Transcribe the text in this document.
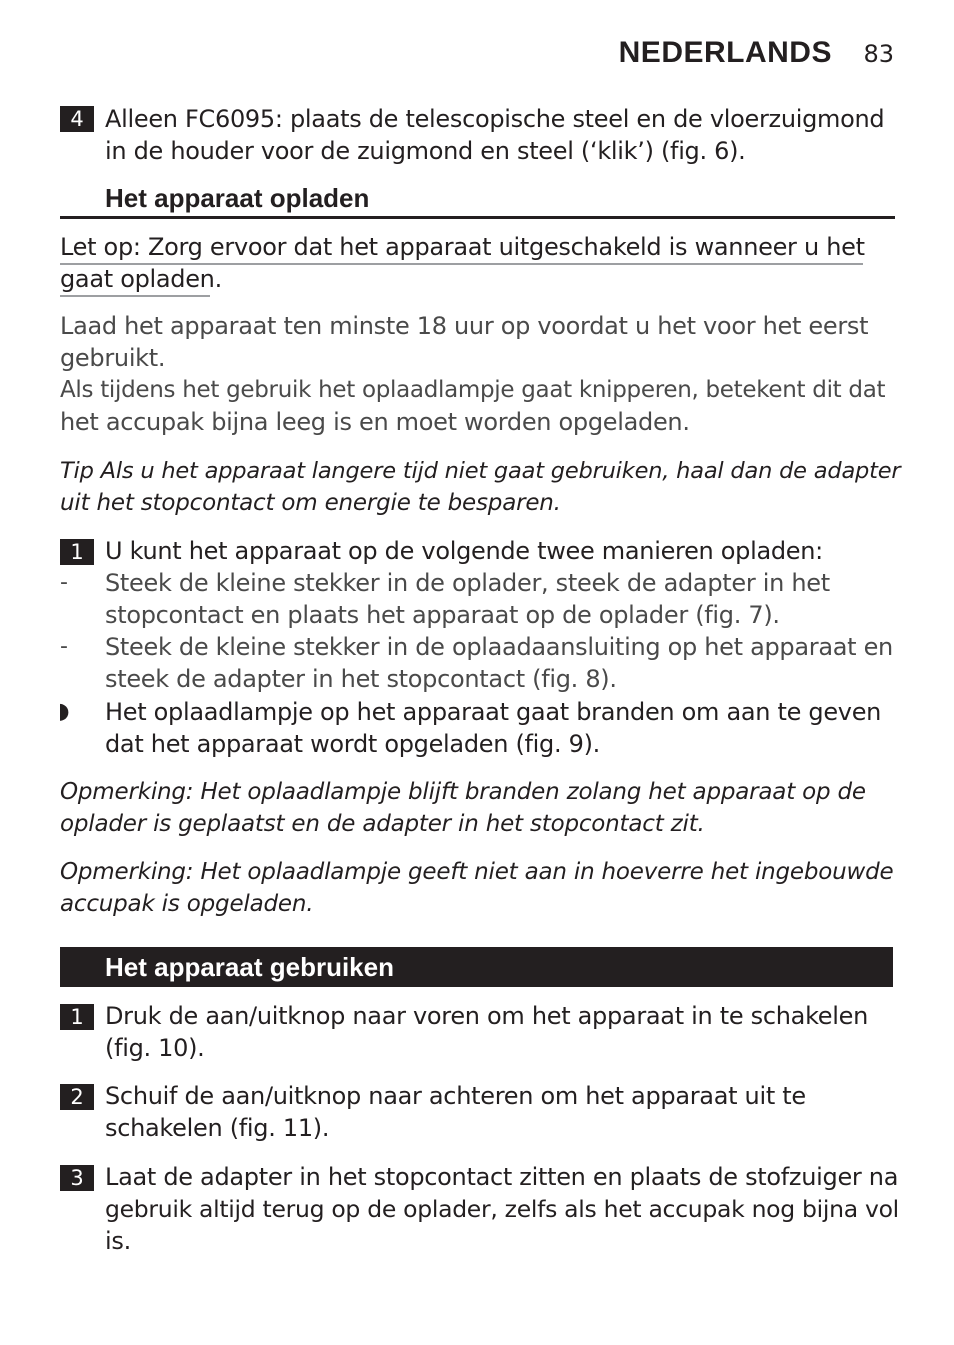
NEDERLANDS 83
4 Alleen FC6095: plaats de telescopische steel en de vloerzuigmond
in de houder voor de zuigmond en steel (‘klik’) (fig. 6).
Het apparaat opladen
Let op: Zorg ervoor dat het apparaat uitgeschakeld is wanneer u het
gaat opladen.
Laad het apparaat ten minste 18 uur op voordat u het voor het eerst
gebruikt.
Als tijdens het gebruik het oplaadlampje gaat knipperen, betekent dit dat
het accupak bijna leeg is en moet worden opgeladen.
Tip Als u het apparaat langere tijd niet gaat gebruiken, haal dan de adapter
uit het stopcontact om energie te besparen.
1 U kunt het apparaat op de volgende twee manieren opladen:
- Steek de kleine stekker in de oplader, steek de adapter in het
stopcontact en plaats het apparaat op de oplader (fig. 7).
- Steek de kleine stekker in de oplaadaansluiting op het apparaat en
steek de adapter in het stopcontact (fig. 8).
◗ Het oplaadlampje op het apparaat gaat branden om aan te geven
dat het apparaat wordt opgeladen (fig. 9).
Opmerking: Het oplaadlampje blijft branden zolang het apparaat op de
oplader is geplaatst en de adapter in het stopcontact zit.
Opmerking: Het oplaadlampje geeft niet aan in hoeverre het ingebouwde
accupak is opgeladen.
Het apparaat gebruiken
1 Druk de aan/uitknop naar voren om het apparaat in te schakelen
(fig. 10).
2 Schuif de aan/uitknop naar achteren om het apparaat uit te
schakelen (fig. 11).
3 Laat de adapter in het stopcontact zitten en plaats de stofzuiger na
gebruik altijd terug op de oplader, zelfs als het accupak nog bijna vol
is.
